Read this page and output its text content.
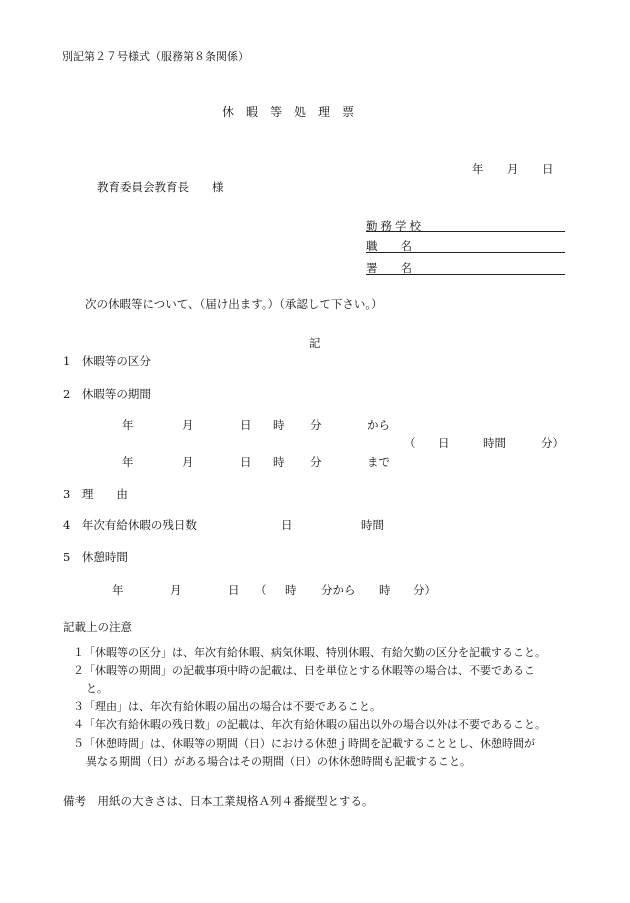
別記第２７号様式（服務第８条関係）
休　暇　等　処　理　票
年 月 日
教育委員会教育長　　様
勤務学校
職　　名
署　　名
次の休暇等について、（届け出ます。）（承認して下さい。）
記
1　休暇等の区分
2　休暇等の期間
年	月	日 時 分	から
（ 日	時間	分）
年	月	日 時 分	まで
3　理　　由
4　年次有給休暇の残日数	日	時間
5　休憩時間
年	月	日 （ 時 分から 時 分）
記載上の注意
１「休暇等の区分」は、年次有給休暇、病気休暇、特別休暇、有給欠勤の区分を記載すること。
２「休暇等の期間」の記載事項中時の記載は、日を単位とする休暇等の場合は、不要であるこ
と。
３「理由」は、年次有給休暇の届出の場合は不要であること。
４「年次有給休暇の残日数」の記載は、年次有給休暇の届出以外の場合以外は不要であること。
５「休憩時間」は、休暇等の期間（日）における休憩ｊ時間を記載することとし、休憩時間が
異なる期間（日）がある場合はその期間（日）の休休憩時間も記載すること。
備考　用紙の大きさは、日本工業規格Ａ列４番縦型とする。
